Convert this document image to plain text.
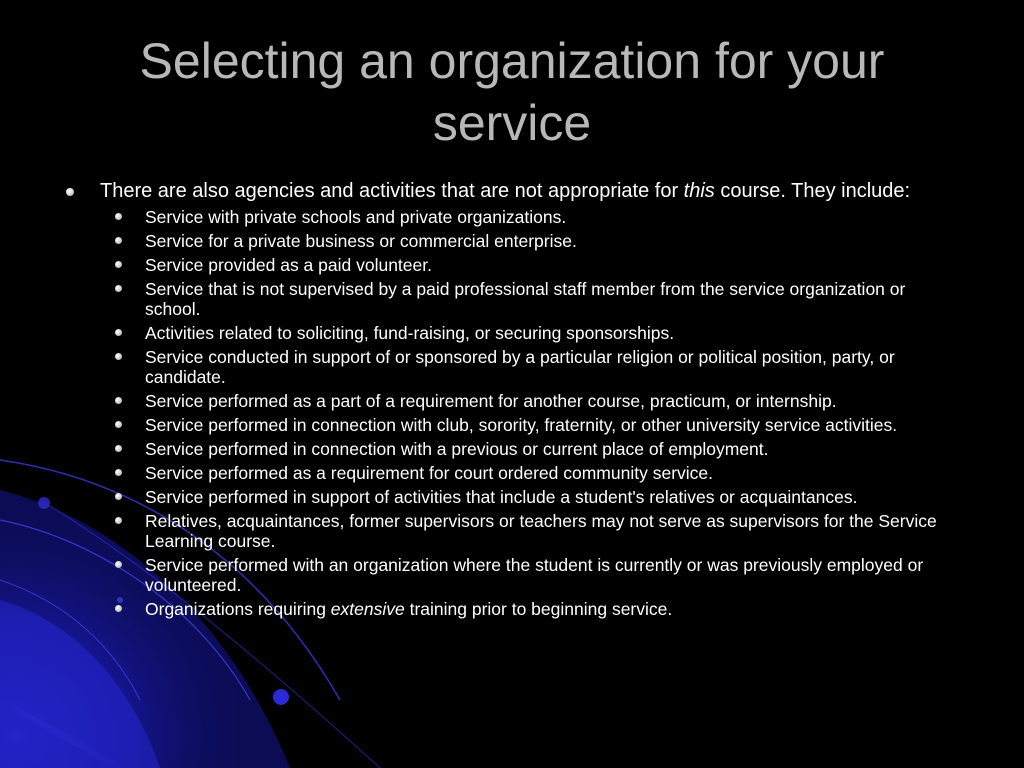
Selecting an organization for your service
There are also agencies and activities that are not appropriate for this course. They include:
Service with private schools and private organizations.
Service for a private business or commercial enterprise.
Service provided as a paid volunteer.
Service that is not supervised by a paid professional staff member from the service organization or school.
Activities related to soliciting, fund-raising, or securing sponsorships.
Service conducted in support of or sponsored by a particular religion or political position, party, or candidate.
Service performed as a part of a requirement for another course, practicum, or internship.
Service performed in connection with club, sorority, fraternity, or other university service activities.
Service performed in connection with a previous or current place of employment.
Service performed as a requirement for court ordered community service.
Service performed in support of activities that include a student's relatives or acquaintances.
Relatives, acquaintances, former supervisors or teachers may not serve as supervisors for the Service Learning course.
Service performed with an organization where the student is currently or was previously employed or volunteered.
Organizations requiring extensive training prior to beginning service.
